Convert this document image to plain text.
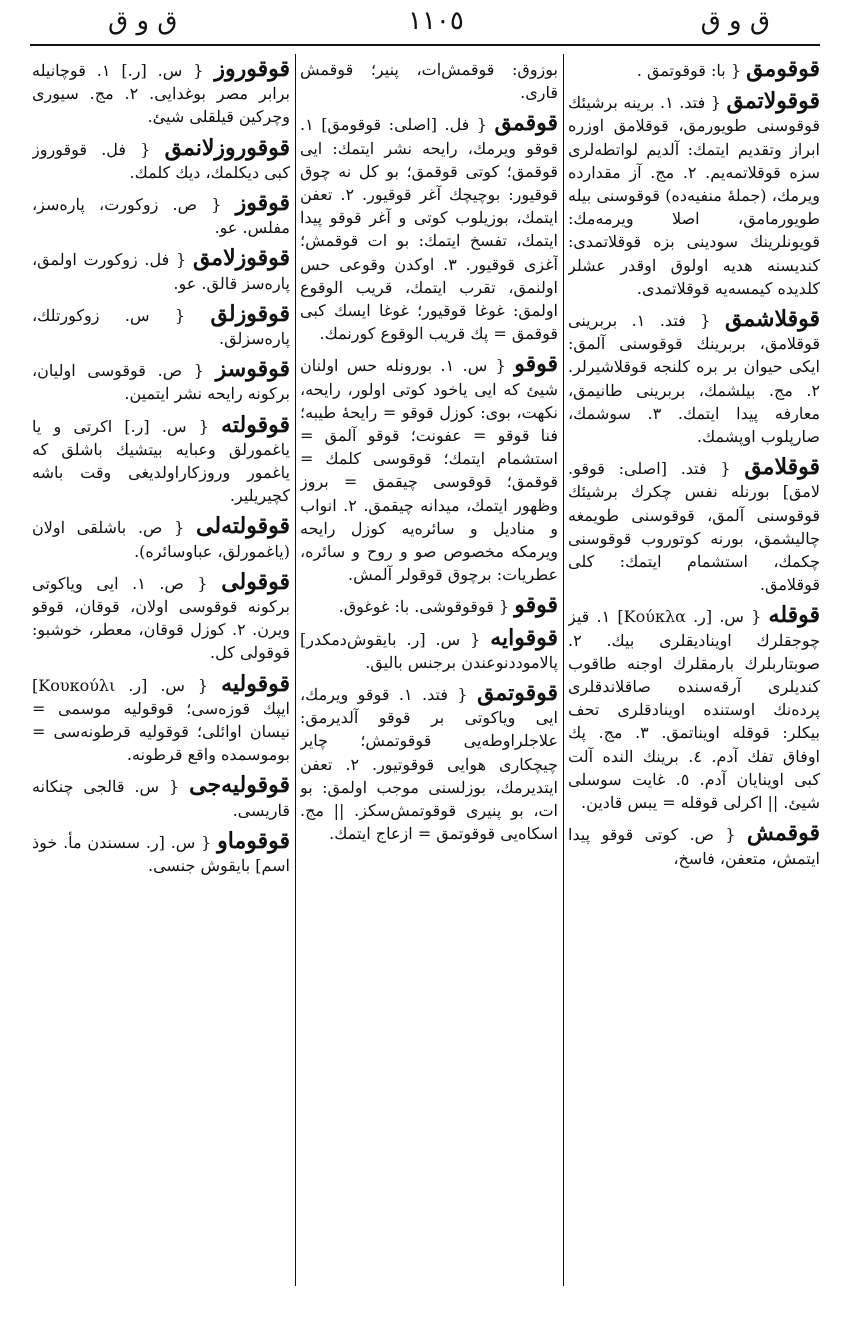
ق و ق	١١٠٥	ق و ق
قوقومق { با: قوقوتمق .
قوقولاتمق { فتد. ١. برينه برشيئك قوقوسنى طويورمق، قوقلامق اوزره ابراز وتقديم ايتمك: آلدیم لواتطه‌لری سزه قوقلاتمه‌يم. ٢. مج. آز مقدارده ويرمك، (جملهٔ منفيه‌ده) قوقوسنى بيله طويورمامق، اصلا ويرمه‌مك: قويونلرينك سودينى بزه قوقلاتمدى: كنديسنه هديه اولوق اوقدر عشلر كلديده كيمسه‌يه قوقلاتمدى.
قوقلاشمق { فتد. ١. بربرينى قوقلامق، بربرينك قوقوسنى آلمق: ايكى حيوان بر بره كلنجه قوقلاشيرلر. ٢. مج. بيلشمك، بربرينى طانيمق، معارفه پيدا ايتمك. ٣. سوشمك، صارپلوب اوپشمك.
قوقلامق { فتد. [اصلى: قوقو. لامق] بورنله نفس چكرك برشيئك قوقوسنى آلمق، قوقوسنى طويمغه چاليشمق، بورنه كوتوروب قوقوسنى چكمك، استشمام ايتمك: كلى قوقلامق.
قوقله { س. [ر. Κούκλα] ١. قيز چوجقلرك اويناديقلرى بيك. ٢. صوبتاربلرك بارمقلرك اوجنه طاقوب كنديلرى آرقه‌سنده صاقلاندقلرى پرده‌نك اوستنده اوينادقلرى تحف بيكلر: قوقله اويناتمق. ٣. مج. پك اوفاق تفك آدم. ٤. برينك النده آلت كبى اوينايان آدم. ٥. غايت سوسلى شيئ. || اكرلى قوقله = يبس قادين.
قوقمش { ص. كوتى قوقو پيدا ايتمش، متعفن، فاسخ،
بوزوق: قوقمش‌ات، پنير؛ قوقمش قارى.
قوقمق { فل. [اصلى: قوقومق] ١. قوقو ويرمك، رايحه نشر ايتمك: ايى قوقمق؛ كوتى قوقمق؛ بو كل نه چوق قوقيور: بوچيچك آغر قوقيور. ٢. تعفن ايتمك، بوزيلوب كوتى و آغر قوقو پيدا ايتمك، تفسخ ايتمك: بو ات قوقمش؛ آغزى قوقيور. ٣. اوكدن وقوعى حس اولنمق، تقرب ايتمك، قريب الوقوع اولمق: غوغا قوقيور؛ غوغا ايسك كبى قوقمق = پك قريب الوقوع كورنمك.
قوقو { س. ١. بورونله حس اولنان شيئ كه ايى ياخود كوتى اولور، رايحه، نكهت، بوى: كوزل قوقو = رايحهٔ طيبه؛ فنا قوقو = عفونت؛ قوقو آلمق = استشمام ايتمك؛ قوقوسى كلمك = قوقمق؛ قوقوسى چيقمق = بروز وظهور ايتمك، ميدانه چيقمق. ٢. انواب و مناديل و سائره‌يه كوزل رايحه ويرمكه مخصوص صو و روح و سائره، عطريات: برچوق قوقولر آلمش.
قوقو { قوقوقوشى. با: غوغوق.
قوقوايه { س. [ر. بايقوش‌دمكدر] پالاموددنوعندن برجنس باليق.
قوقوتمق { فتد. ١. قوقو ويرمك، ايى وياكوتى بر قوقو آلديرمق: علاجلراوطه‌يى قوقوتمش؛ چاير چيچكارى هوايى قوقوتيور. ٢. تعفن ايتديرمك، بوزلسنى موجب اولمق: بو ات، بو پنيرى قوقوتمش‌سكز. || مج. اسكاه‌يى قوقوتمق = ازعاج ايتمك.
قوقوروز { س. [ر.] ١. قوچانيله برابر مصر بوغدايى. ٢. مج. سيورى وچركين قيلقلى شيئ.
قوقوروزلانمق { فل. قوقوروز كبى ديكلمك، ديك كلمك.
قوقوز { ص. زوكورت، پاره‌سز، مفلس. عو.
قوقوزلامق { فل. زوكورت اولمق، پاره‌سز قالق. عو.
قوقوزلق { س. زوكورتلك، پاره‌سزلق.
قوقوسز { ص. قوقوسى اوليان، بركونه رايحه نشر ايتمين.
قوقولته { س. [ر.] اكرتى و يا ياغمورلق وعبايه بيتشيك باشلق كه ياغمور وروزكاراولديغى وقت باشه كچيريلير.
قوقولته‌لى { ص. باشلقى اولان (ياغمورلق، عباوسائره).
قوقولى { ص. ١. ايى وياكوتى بركونه قوقوسى اولان، قوقان، قوقو ويرن. ٢. كوزل قوقان، معطر، خوشبو: قوقولى كل.
قوقوليه { س. [ر. Κουκούλι] ايپك قوزه‌سى؛ قوقوليه موسمى = نيسان اوائلى؛ قوقوليه قرطونه‌سى = بوموسمده واقع قرطونه.
قوقوليه‌جى { س. قالجى چنكانه قاريسى.
قوقوماو { س. [ر. سسندن مأ. خوذ اسم] بايقوش جنسى.
